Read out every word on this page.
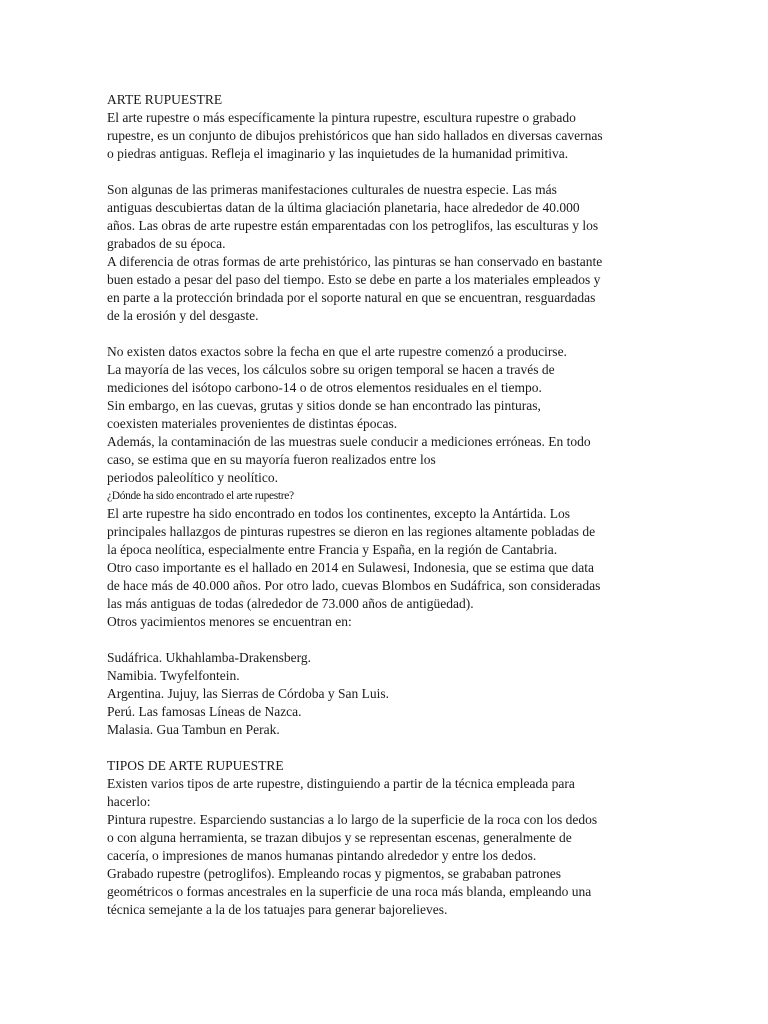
ARTE RUPUESTRE
El arte rupestre o más específicamente la pintura rupestre, escultura rupestre o grabado
rupestre, es un conjunto de dibujos prehistóricos que han sido hallados en diversas cavernas
o piedras antiguas. Refleja el imaginario y las inquietudes de la humanidad primitiva.
Son algunas de las primeras manifestaciones culturales de nuestra especie. Las más
antiguas descubiertas datan de la última glaciación planetaria, hace alrededor de 40.000
años. Las obras de arte rupestre están emparentadas con los petroglifos, las esculturas y los
grabados de su época.
A diferencia de otras formas de arte prehistórico, las pinturas se han conservado en bastante
buen estado a pesar del paso del tiempo. Esto se debe en parte a los materiales empleados y
en parte a la protección brindada por el soporte natural en que se encuentran, resguardadas
de la erosión y del desgaste.
No existen datos exactos sobre la fecha en que el arte rupestre comenzó a producirse.
La mayoría de las veces, los cálculos sobre su origen temporal se hacen a través de
mediciones del isótopo carbono-14 o de otros elementos residuales en el tiempo.
Sin embargo, en las cuevas, grutas y sitios donde se han encontrado las pinturas,
coexisten materiales provenientes de distintas épocas.
Además, la contaminación de las muestras suele conducir a mediciones erróneas. En todo
caso, se estima que en su mayoría fueron realizados entre los
periodos paleolítico y neolítico.
¿Dónde ha sido encontrado el arte rupestre?
El arte rupestre ha sido encontrado en todos los continentes, excepto la Antártida. Los
principales hallazgos de pinturas rupestres se dieron en las regiones altamente pobladas de
la época neolítica, especialmente entre Francia y España, en la región de Cantabria.
Otro caso importante es el hallado en 2014 en Sulawesi, Indonesia, que se estima que data
de hace más de 40.000 años. Por otro lado, cuevas Blombos en Sudáfrica, son consideradas
las más antiguas de todas (alrededor de 73.000 años de antigüedad).
Otros yacimientos menores se encuentran en:
Sudáfrica. Ukhahlamba-Drakensberg.
Namibia. Twyfelfontein.
Argentina. Jujuy, las Sierras de Córdoba y San Luis.
Perú. Las famosas Líneas de Nazca.
Malasia. Gua Tambun en Perak.
TIPOS DE ARTE RUPUESTRE
Existen varios tipos de arte rupestre, distinguiendo a partir de la técnica empleada para
hacerlo:
Pintura rupestre. Esparciendo sustancias a lo largo de la superficie de la roca con los dedos
o con alguna herramienta, se trazan dibujos y se representan escenas, generalmente de
cacería, o impresiones de manos humanas pintando alrededor y entre los dedos.
Grabado rupestre (petroglifos). Empleando rocas y pigmentos, se grababan patrones
geométricos o formas ancestrales en la superficie de una roca más blanda, empleando una
técnica semejante a la de los tatuajes para generar bajorelieves.
